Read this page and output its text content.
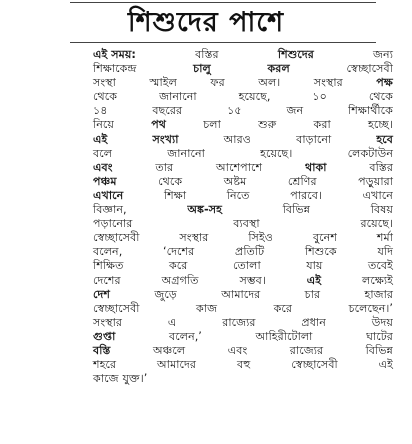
শিশুদের পাশে
এই সময়:	বস্তির	শিশুদের	জন্য
শিক্ষাকেন্দ্র	চালু	করল	স্বেচ্ছাসেবী
সংস্থা	স্মাইল	ফর	অল।	সংস্থার	পক্ষ
থেকে	জানানো	হয়েছে,	১০	থেকে
১৪	বছরের	১৫	জন	শিক্ষার্থীকে
নিয়ে	পথ	চলা	শুরু	করা	হচ্ছে।
এই	সংখ্যা	আরও	বাড়ানো	হবে
বলে	জানানো	হয়েছে।	লেকটাউন
এবং	তার	আশেপাশে	থাকা	বস্তির
পঞ্চম	থেকে	অষ্টম	শ্রেণির	পড়ুয়ারা
এখানে	শিক্ষা	নিতে	পারবে।	এখানে
বিজ্ঞান,	অঙ্ক-সহ	বিভিন্ন	বিষয়
পড়ানোর	ব্যবস্থা	রয়েছে।
স্বেচ্ছাসেবী	সংস্থার	সিইও	বুনেশ	শর্মা
বলেন,	‘দেশের	প্রতিটি	শিশুকে	যদি
শিক্ষিত	করে	তোলা	যায়	তবেই
দেশের	অগ্রগতি	সম্ভব।	এই	লক্ষ্যেই
দেশ	জুড়ে	আমাদের	চার	হাজার
স্বেচ্ছাসেবী	কাজ	করে	চলেছেন।’
সংস্থার	এ	রাজ্যের	প্রধান	উদয়
গুপ্তা	বলেন,’	আহিরীটোলা	ঘাটের
বস্তি	অঞ্চলে	এবং	রাজ্যের	বিভিন্ন
শহরে	আমাদের	বহু	স্বেচ্ছাসেবী	এই
কাজে যুক্ত।’
